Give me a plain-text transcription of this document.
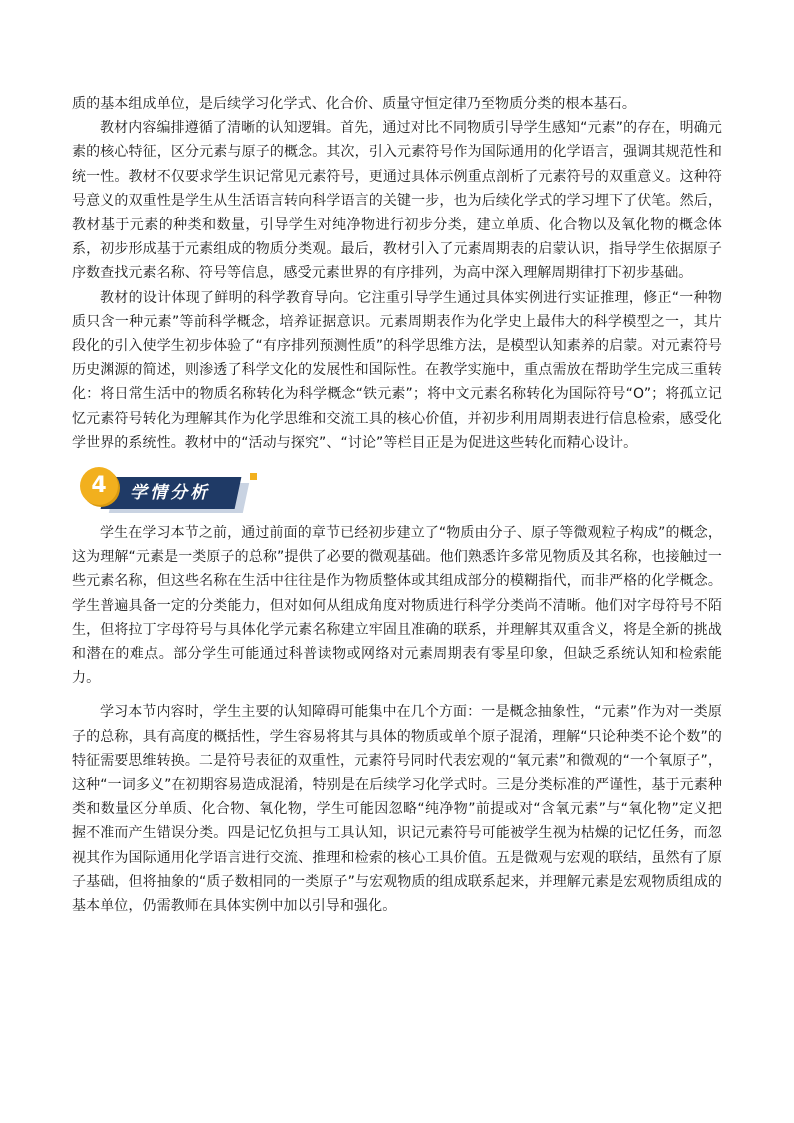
质的基本组成单位，是后续学习化学式、化合价、质量守恒定律乃至物质分类的根本基石。

教材内容编排遵循了清晰的认知逻辑。首先，通过对比不同物质引导学生感知“元素”的存在，明确元素的核心特征，区分元素与原子的概念。其次，引入元素符号作为国际通用的化学语言，强调其规范性和统一性。教材不仅要求学生识记常见元素符号，更通过具体示例重点剖析了元素符号的双重意义。这种符号意义的双重性是学生从生活语言转向科学语言的关键一步，也为后续化学式的学习埋下了伏笔。然后，教材基于元素的种类和数量，引导学生对纯净物进行初步分类，建立单质、化合物以及氧化物的概念体系，初步形成基于元素组成的物质分类观。最后，教材引入了元素周期表的启蒙认识，指导学生依据原子序数查找元素名称、符号等信息，感受元素世界的有序排列，为高中深入理解周期律打下初步基础。

教材的设计体现了鲜明的科学教育导向。它注重引导学生通过具体实例进行实证推理，修正“一种物质只含一种元素”等前科学概念，培养证据意识。元素周期表作为化学史上最伟大的科学模型之一，其片段化的引入使学生初步体验了“有序排列预测性质”的科学思维方法，是模型认知素养的启蒙。对元素符号历史渊源的简述，则渗透了科学文化的发展性和国际性。在教学实施中，重点需放在帮助学生完成三重转化：将日常生活中的物质名称转化为科学概念“铁元素”；将中文元素名称转化为国际符号“O”；将孤立记忆元素符号转化为理解其作为化学思维和交流工具的核心价值，并初步利用周期表进行信息检索，感受化学世界的系统性。教材中的“活动与探究”、“讨论”等栏目正是为促进这些转化而精心设计。

4	学情分析

学生在学习本节之前，通过前面的章节已经初步建立了“物质由分子、原子等微观粒子构成”的概念，这为理解“元素是一类原子的总称”提供了必要的微观基础。他们熟悉许多常见物质及其名称，也接触过一些元素名称，但这些名称在生活中往往是作为物质整体或其组成部分的模糊指代，而非严格的化学概念。学生普遍具备一定的分类能力，但对如何从组成角度对物质进行科学分类尚不清晰。他们对字母符号不陌生，但将拉丁字母符号与具体化学元素名称建立牢固且准确的联系，并理解其双重含义，将是全新的挑战和潜在的难点。部分学生可能通过科普读物或网络对元素周期表有零星印象，但缺乏系统认知和检索能力。

学习本节内容时，学生主要的认知障碍可能集中在几个方面：一是概念抽象性，“元素”作为对一类原子的总称，具有高度的概括性，学生容易将其与具体的物质或单个原子混淆，理解“只论种类不论个数”的特征需要思维转换。二是符号表征的双重性，元素符号同时代表宏观的“氧元素”和微观的“一个氧原子”，这种“一词多义”在初期容易造成混淆，特别是在后续学习化学式时。三是分类标准的严谨性，基于元素种类和数量区分单质、化合物、氧化物，学生可能因忽略“纯净物”前提或对“含氧元素”与“氧化物”定义把握不准而产生错误分类。四是记忆负担与工具认知，识记元素符号可能被学生视为枯燥的记忆任务，而忽视其作为国际通用化学语言进行交流、推理和检索的核心工具价值。五是微观与宏观的联结，虽然有了原子基础，但将抽象的“质子数相同的一类原子”与宏观物质的组成联系起来，并理解元素是宏观物质组成的基本单位，仍需教师在具体实例中加以引导和强化。
